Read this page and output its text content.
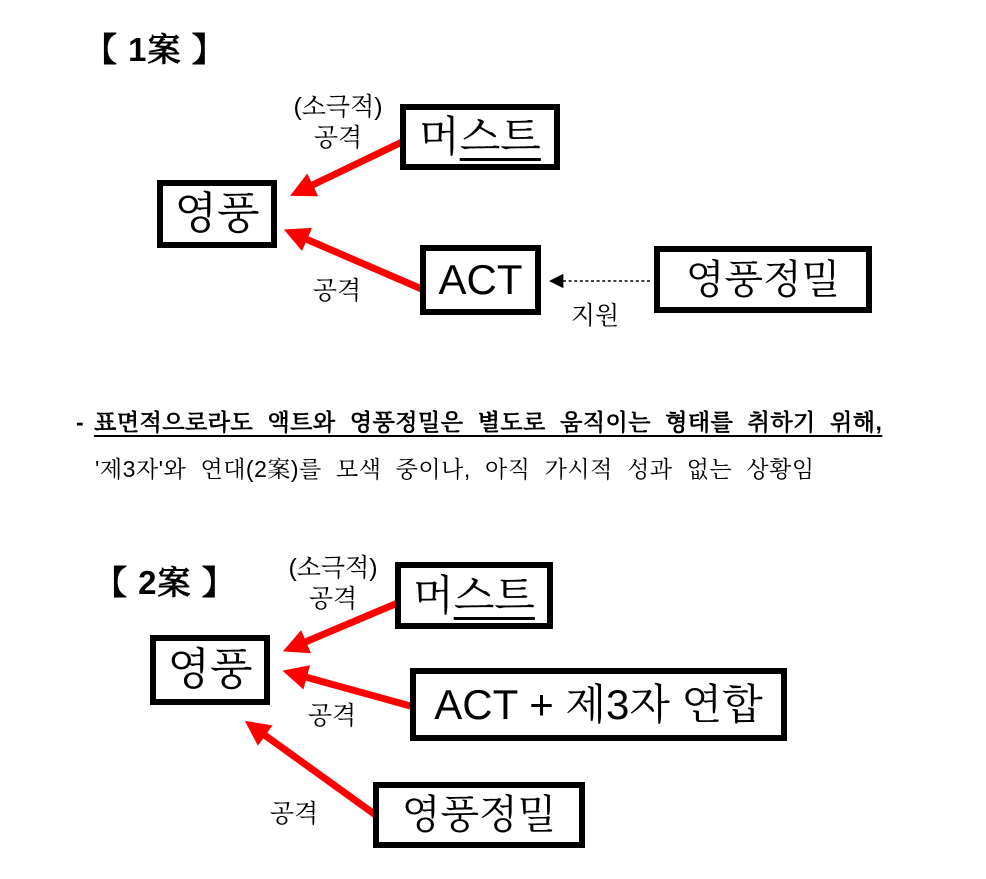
【 1案 】
(소극적)
공격	머 스트
영풍
ACT	영풍정밀
공격
지원
- 표면적으로라도 액트와 영풍정밀은 별도로 움직이는 형태를 취하기 위해,
'제3자'와 연대(2案)를 모색 중이나, 아직 가시적 성과 없는 상황임
【 2案 】	(소극적)
공격	머 스트
영풍
ACT + 제3자 연합
공격
영풍정밀
공격
